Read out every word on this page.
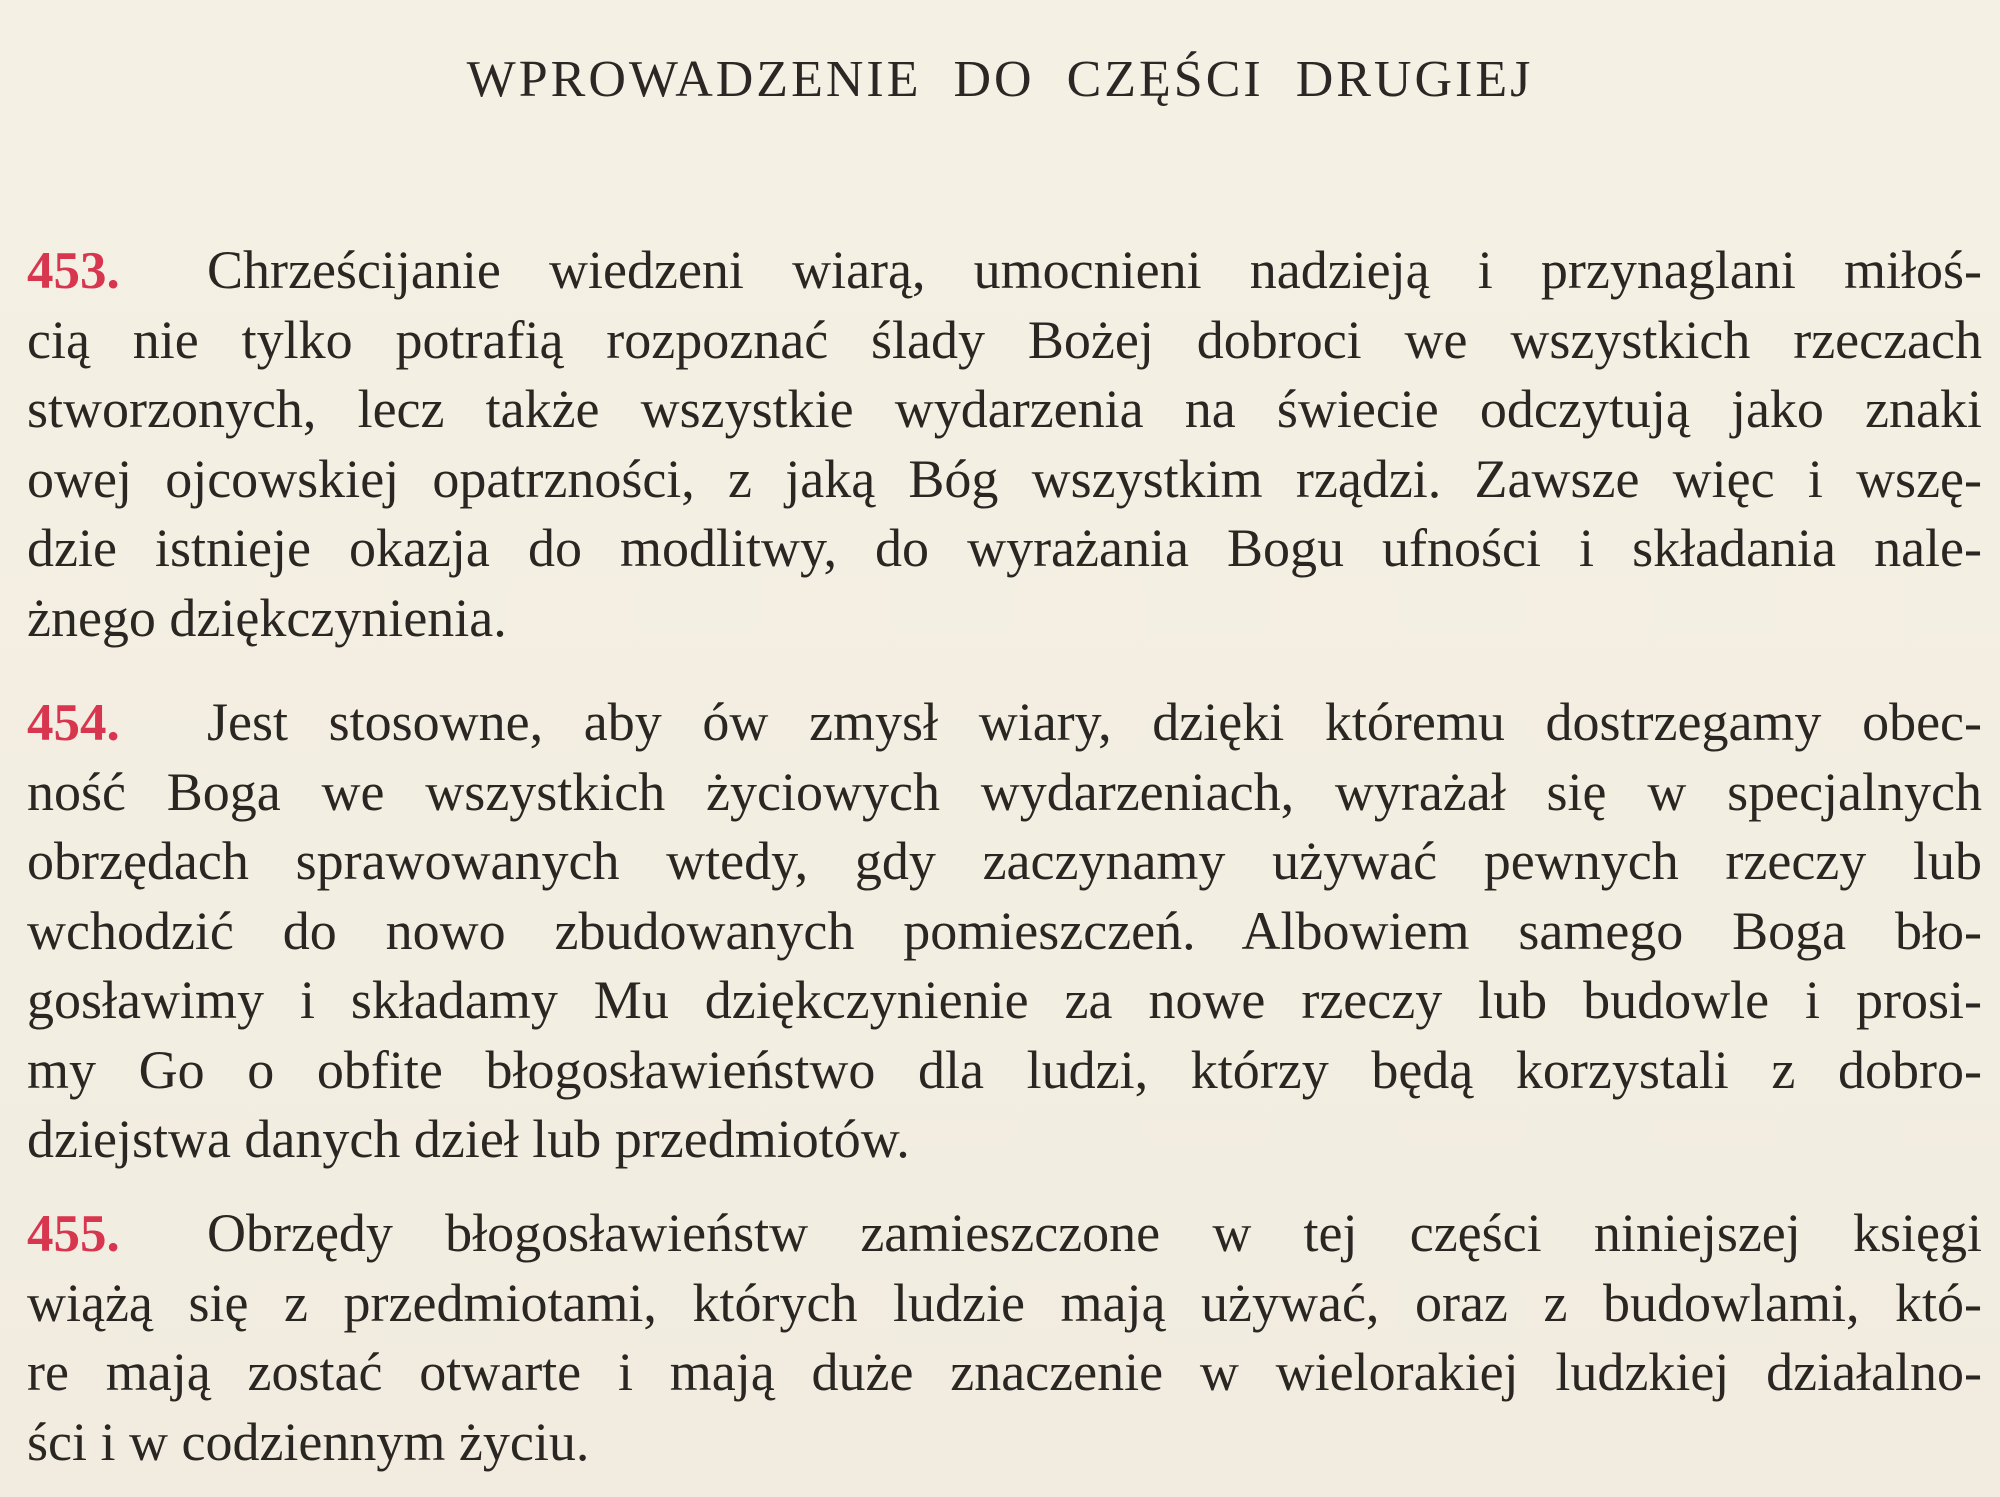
WPROWADZENIE DO CZĘŚCI DRUGIEJ
453. Chrześcijanie wiedzeni wiarą, umocnieni nadzieją i przynaglani miłoś-
cią nie tylko potrafią rozpoznać ślady Bożej dobroci we wszystkich rzeczach
stworzonych, lecz także wszystkie wydarzenia na świecie odczytują jako znaki
owej ojcowskiej opatrzności, z jaką Bóg wszystkim rządzi. Zawsze więc i wszę-
dzie istnieje okazja do modlitwy, do wyrażania Bogu ufności i składania nale-
żnego dziękczynienia.
454. Jest stosowne, aby ów zmysł wiary, dzięki któremu dostrzegamy obec-
ność Boga we wszystkich życiowych wydarzeniach, wyrażał się w specjalnych
obrzędach sprawowanych wtedy, gdy zaczynamy używać pewnych rzeczy lub
wchodzić do nowo zbudowanych pomieszczeń. Albowiem samego Boga bło-
gosławimy i składamy Mu dziękczynienie za nowe rzeczy lub budowle i prosi-
my Go o obfite błogosławieństwo dla ludzi, którzy będą korzystali z dobro-
dziejstwa danych dzieł lub przedmiotów.
455. Obrzędy błogosławieństw zamieszczone w tej części niniejszej księgi
wiążą się z przedmiotami, których ludzie mają używać, oraz z budowlami, któ-
re mają zostać otwarte i mają duże znaczenie w wielorakiej ludzkiej działalno-
ści i w codziennym życiu.
